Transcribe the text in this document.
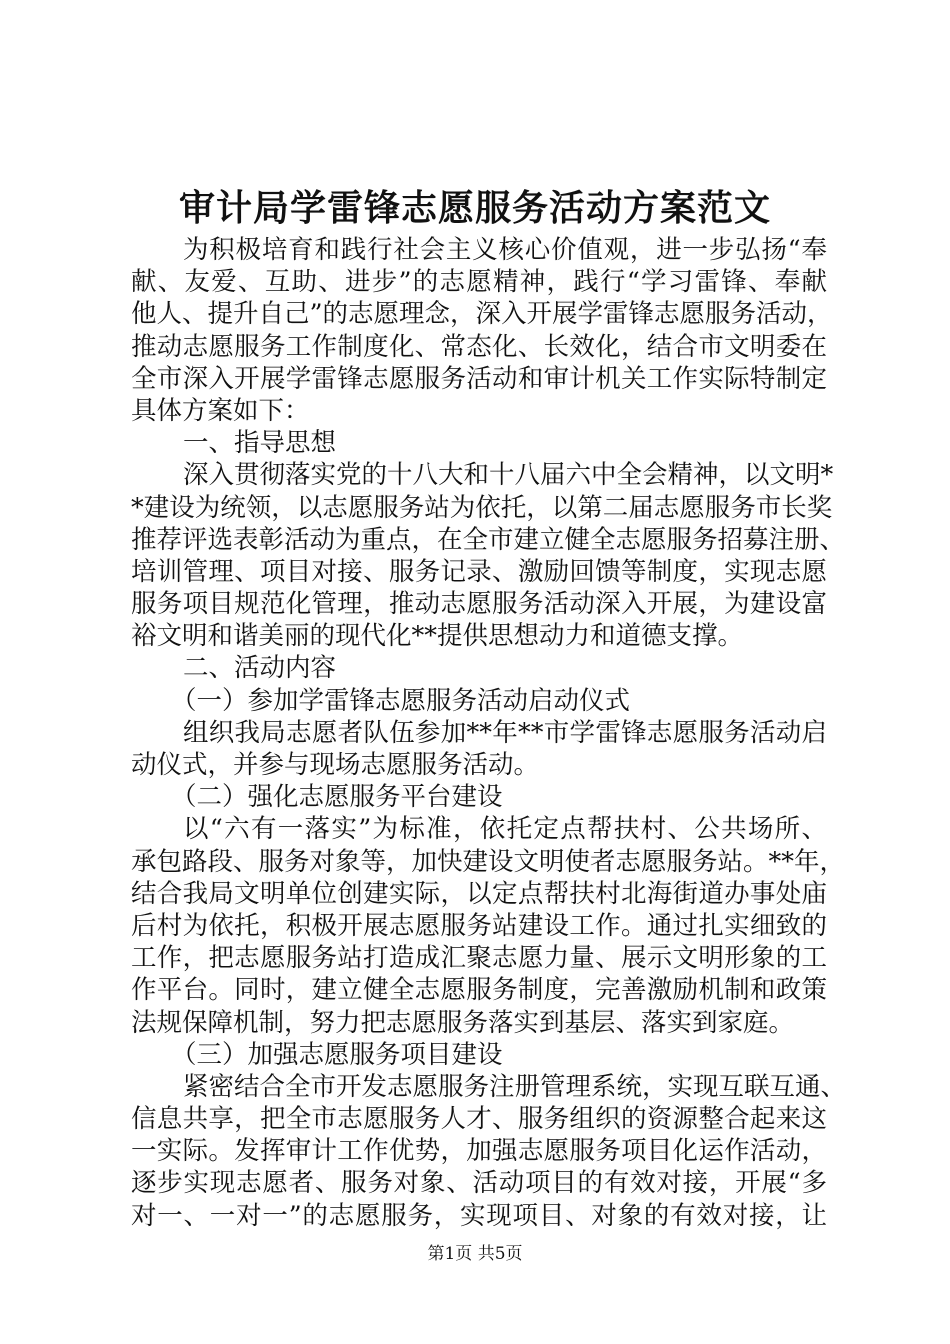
审计局学雷锋志愿服务活动方案范文
为积极培育和践行社会主义核心价值观，进一步弘扬“奉
献、友爱、互助、进步”的志愿精神，践行“学习雷锋、奉献
他人、提升自己”的志愿理念，深入开展学雷锋志愿服务活动，
推动志愿服务工作制度化、常态化、长效化，结合市文明委在
全市深入开展学雷锋志愿服务活动和审计机关工作实际特制定
具体方案如下：
一、指导思想
深入贯彻落实党的十八大和十八届六中全会精神，以文明*
*建设为统领，以志愿服务站为依托，以第二届志愿服务市长奖
推荐评选表彰活动为重点，在全市建立健全志愿服务招募注册、
培训管理、项目对接、服务记录、激励回馈等制度，实现志愿
服务项目规范化管理，推动志愿服务活动深入开展，为建设富
裕文明和谐美丽的现代化**提供思想动力和道德支撑。
二、活动内容
（一）参加学雷锋志愿服务活动启动仪式
组织我局志愿者队伍参加**年**市学雷锋志愿服务活动启
动仪式，并参与现场志愿服务活动。
（二）强化志愿服务平台建设
以“六有一落实”为标准，依托定点帮扶村、公共场所、
承包路段、服务对象等，加快建设文明使者志愿服务站。**年，
结合我局文明单位创建实际，以定点帮扶村北海街道办事处庙
后村为依托，积极开展志愿服务站建设工作。通过扎实细致的
工作，把志愿服务站打造成汇聚志愿力量、展示文明形象的工
作平台。同时，建立健全志愿服务制度，完善激励机制和政策
法规保障机制，努力把志愿服务落实到基层、落实到家庭。
（三）加强志愿服务项目建设
紧密结合全市开发志愿服务注册管理系统，实现互联互通、
信息共享，把全市志愿服务人才、服务组织的资源整合起来这
一实际。发挥审计工作优势，加强志愿服务项目化运作活动，
逐步实现志愿者、服务对象、活动项目的有效对接，开展“多
对一、一对一”的志愿服务，实现项目、对象的有效对接，让
第1页 共5页
